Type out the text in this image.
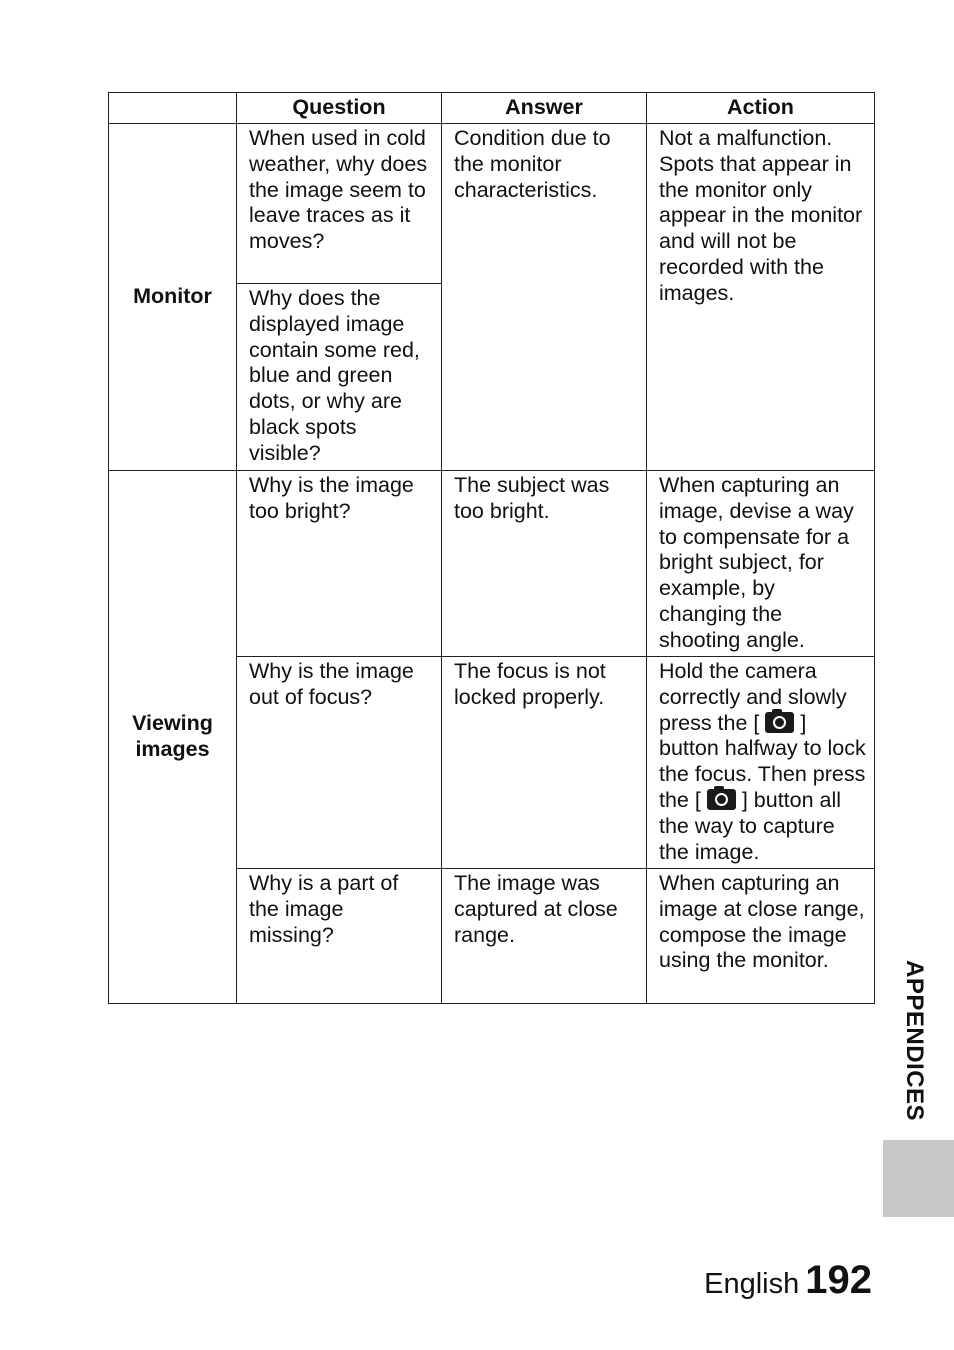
	Question	Answer	Action
Monitor	When used in cold weather, why does the image seem to leave traces as it moves?	Condition due to the monitor characteristics.	Not a malfunction. Spots that appear in the monitor only appear in the monitor and will not be recorded with the images.
	Why does the displayed image contain some red, blue and green dots, or why are black spots visible?		
Viewing images	Why is the image too bright?	The subject was too bright.	When capturing an image, devise a way to compensate for a bright subject, for example, by changing the shooting angle.
	Why is the image out of focus?	The focus is not locked properly.	Hold the camera correctly and slowly press the [ ] button halfway to lock the focus. Then press the [ ] button all the way to capture the image.
	Why is a part of the image missing?	The image was captured at close range.	When capturing an image at close range, compose the image using the monitor.	APPENDICES
English 192
